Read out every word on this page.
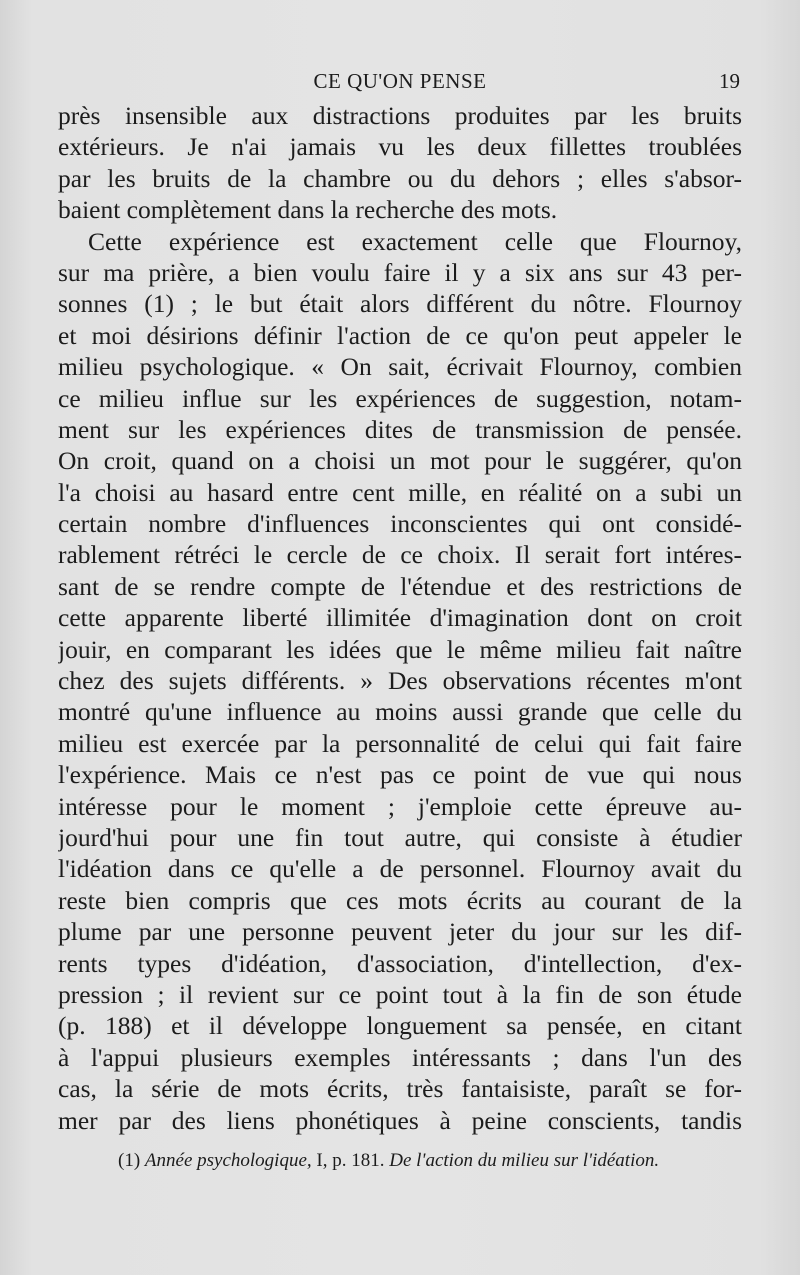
CE QU'ON PENSE	19
près insensible aux distractions produites par les bruits
extérieurs. Je n'ai jamais vu les deux fillettes troublées
par les bruits de la chambre ou du dehors ; elles s'absor-
baient complètement dans la recherche des mots.
Cette expérience est exactement celle que Flournoy,
sur ma prière, a bien voulu faire il y a six ans sur 43 per-
sonnes (1) ; le but était alors différent du nôtre. Flournoy
et moi désirions définir l'action de ce qu'on peut appeler le
milieu psychologique. « On sait, écrivait Flournoy, combien
ce milieu influe sur les expériences de suggestion, notam-
ment sur les expériences dites de transmission de pensée.
On croit, quand on a choisi un mot pour le suggérer, qu'on
l'a choisi au hasard entre cent mille, en réalité on a subi un
certain nombre d'influences inconscientes qui ont considé-
rablement rétréci le cercle de ce choix. Il serait fort intéres-
sant de se rendre compte de l'étendue et des restrictions de
cette apparente liberté illimitée d'imagination dont on croit
jouir, en comparant les idées que le même milieu fait naître
chez des sujets différents. » Des observations récentes m'ont
montré qu'une influence au moins aussi grande que celle du
milieu est exercée par la personnalité de celui qui fait faire
l'expérience. Mais ce n'est pas ce point de vue qui nous
intéresse pour le moment ; j'emploie cette épreuve au-
jourd'hui pour une fin tout autre, qui consiste à étudier
l'idéation dans ce qu'elle a de personnel. Flournoy avait du
reste bien compris que ces mots écrits au courant de la
plume par une personne peuvent jeter du jour sur les dif-
rents types d'idéation, d'association, d'intellection, d'ex-
pression ; il revient sur ce point tout à la fin de son étude
(p. 188) et il développe longuement sa pensée, en citant
à l'appui plusieurs exemples intéressants ; dans l'un des
cas, la série de mots écrits, très fantaisiste, paraît se for-
mer par des liens phonétiques à peine conscients, tandis
(1) Année psychologique, I, p. 181. De l'action du milieu sur l'idéation.
